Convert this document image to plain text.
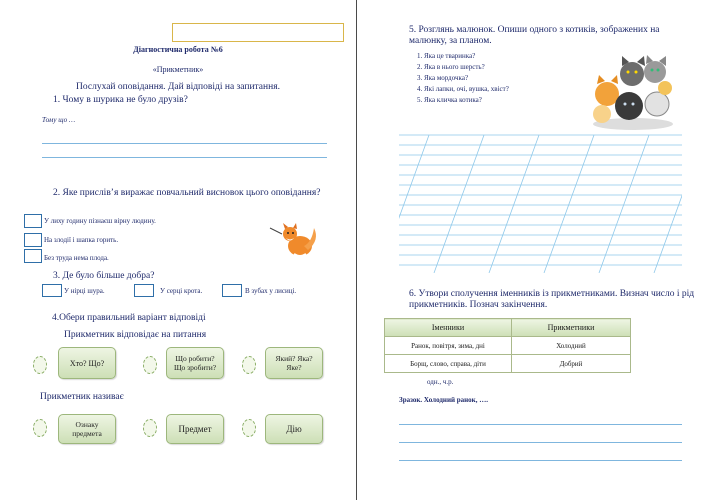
Діагностична робота №6
«Прикметник»
Послухай оповідання. Дай відповіді на запитання.
1. Чому в шурика не було друзів?
Тому що …
2. Яке прислів’я виражає повчальний висновок цього оповідання?
У лиху годину пізнаєш вірну людину.
На злодії і шапка горить.
Без труда нема плода.
3. Де було більше добра?
У нірці шура.	У серці крота.	В зубах у лисиці.
4.Обери правильний варіант відповіді
Прикметник відповідає на питання
Хто? Що?	Що робити?
Що зробити?
Який? Яка?
Яке?
Прикметник називає
Ознаку
предмета	Предмет	Дію
5. Розглянь малюнок. Опиши одного з котиків, зображених на малюнку, за планом.
1. Яка це тваринка?
2. Яка в нього шерсть?
3. Яка мордочка?
4. Які лапки, очі, вушка, хвіст?
5. Яка кличка котика?
6. Утвори сполучення іменників із прикметниками. Визнач число і рід прикметників. Познач закінчення.
Іменники	Прикметники
Ранок, повітря, зима, дні	Холодний
Борщ, слово, справа, діти	Добрий
одн., ч.р.
Зразок. Холодний ранок, ….
